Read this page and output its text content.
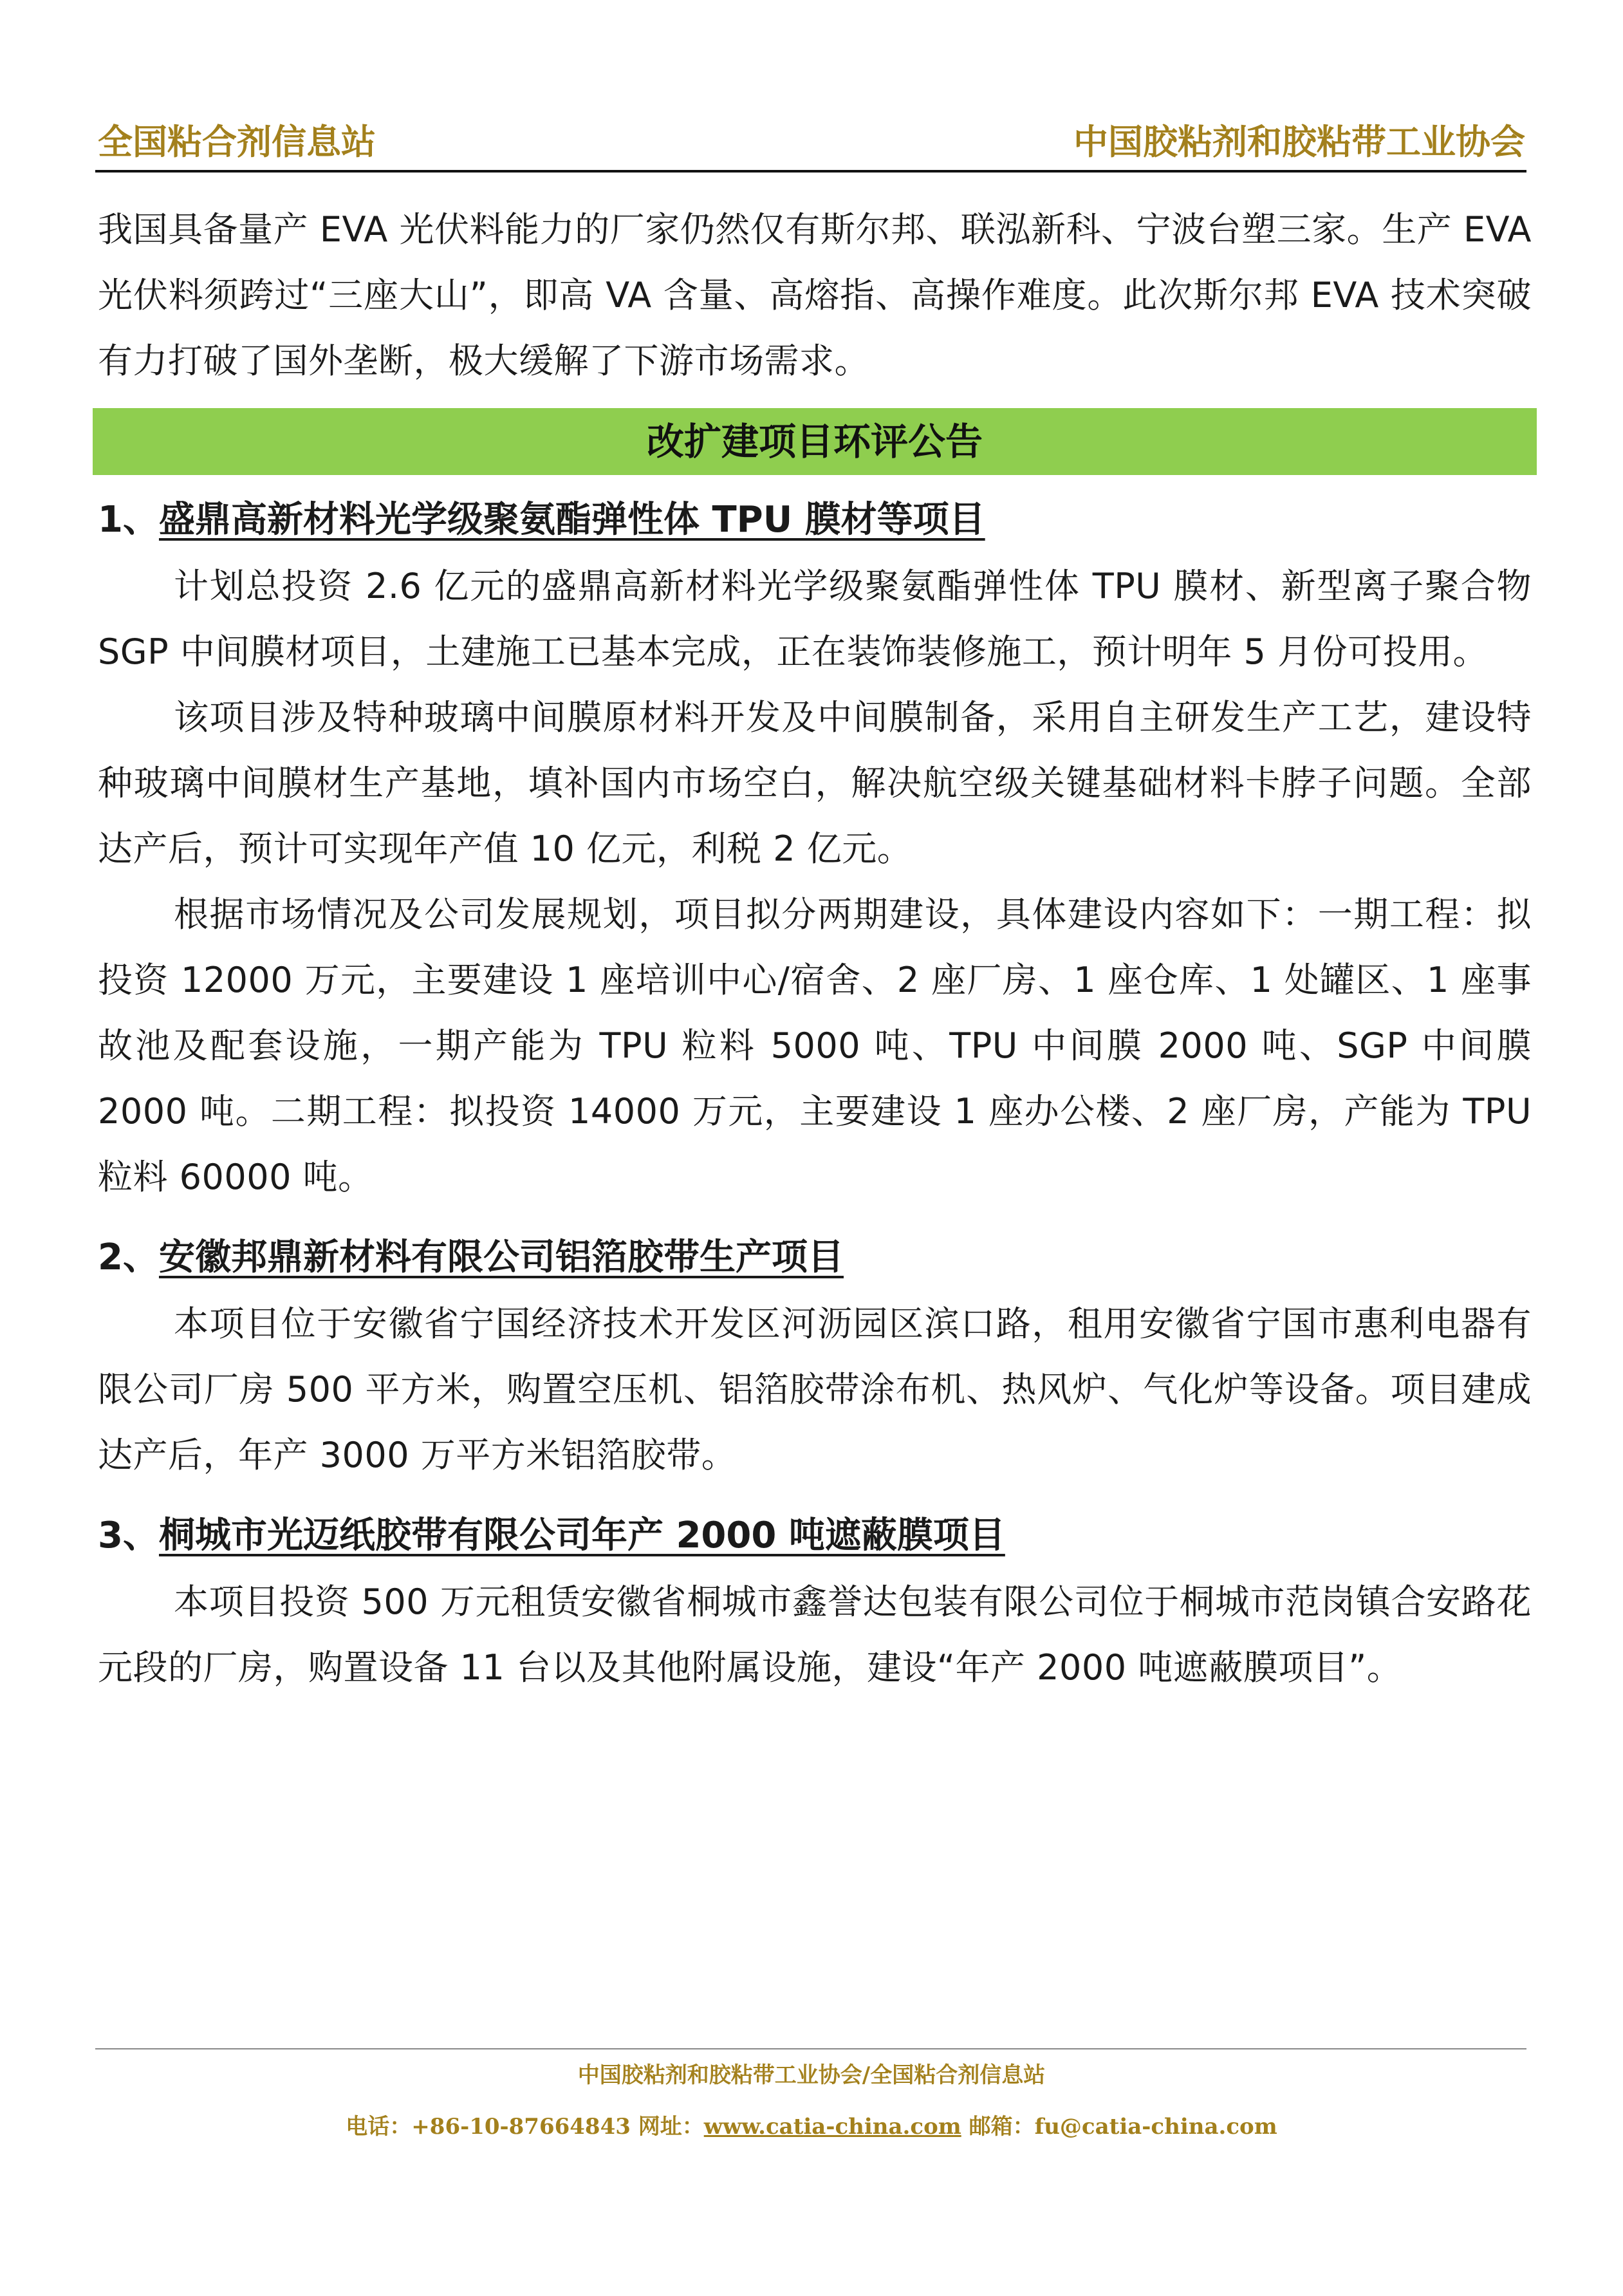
全国粘合剂信息站	中国胶粘剂和胶粘带工业协会

我国具备量产 EVA 光伏料能力的厂家仍然仅有斯尔邦、联泓新科、宁波台塑三家。生产 EVA 光伏料须跨过“三座大山”，即高 VA 含量、高熔指、高操作难度。此次斯尔邦 EVA 技术突破有力打破了国外垄断，极大缓解了下游市场需求。

改扩建项目环评公告
1、盛鼎高新材料光学级聚氨酯弹性体 TPU 膜材等项目

计划总投资 2.6 亿元的盛鼎高新材料光学级聚氨酯弹性体 TPU 膜材、新型离子聚合物 SGP 中间膜材项目，土建施工已基本完成，正在装饰装修施工，预计明年 5 月份可投用。

该项目涉及特种玻璃中间膜原材料开发及中间膜制备，采用自主研发生产工艺，建设特种玻璃中间膜材生产基地，填补国内市场空白，解决航空级关键基础材料卡脖子问题。全部达产后，预计可实现年产值 10 亿元，利税 2 亿元。

根据市场情况及公司发展规划，项目拟分两期建设，具体建设内容如下：一期工程：拟投资 12000 万元，主要建设 1 座培训中心/宿舍、2 座厂房、1 座仓库、1 处罐区、1 座事故池及配套设施，一期产能为 TPU 粒料 5000 吨、TPU 中间膜 2000 吨、SGP 中间膜 2000 吨。二期工程：拟投资 14000 万元，主要建设 1 座办公楼、2 座厂房，产能为 TPU 粒料 60000 吨。

2、安徽邦鼎新材料有限公司铝箔胶带生产项目

本项目位于安徽省宁国经济技术开发区河沥园区滨口路，租用安徽省宁国市惠利电器有限公司厂房 500 平方米，购置空压机、铝箔胶带涂布机、热风炉、气化炉等设备。项目建成达产后，年产 3000 万平方米铝箔胶带。

3、桐城市光迈纸胶带有限公司年产 2000 吨遮蔽膜项目

本项目投资 500 万元租赁安徽省桐城市鑫誉达包装有限公司位于桐城市范岗镇合安路花元段的厂房，购置设备 11 台以及其他附属设施，建设“年产 2000 吨遮蔽膜项目”。

中国胶粘剂和胶粘带工业协会/全国粘合剂信息站
电话：+86-10-87664843 网址：www.catia-china.com 邮箱：fu@catia-china.com
